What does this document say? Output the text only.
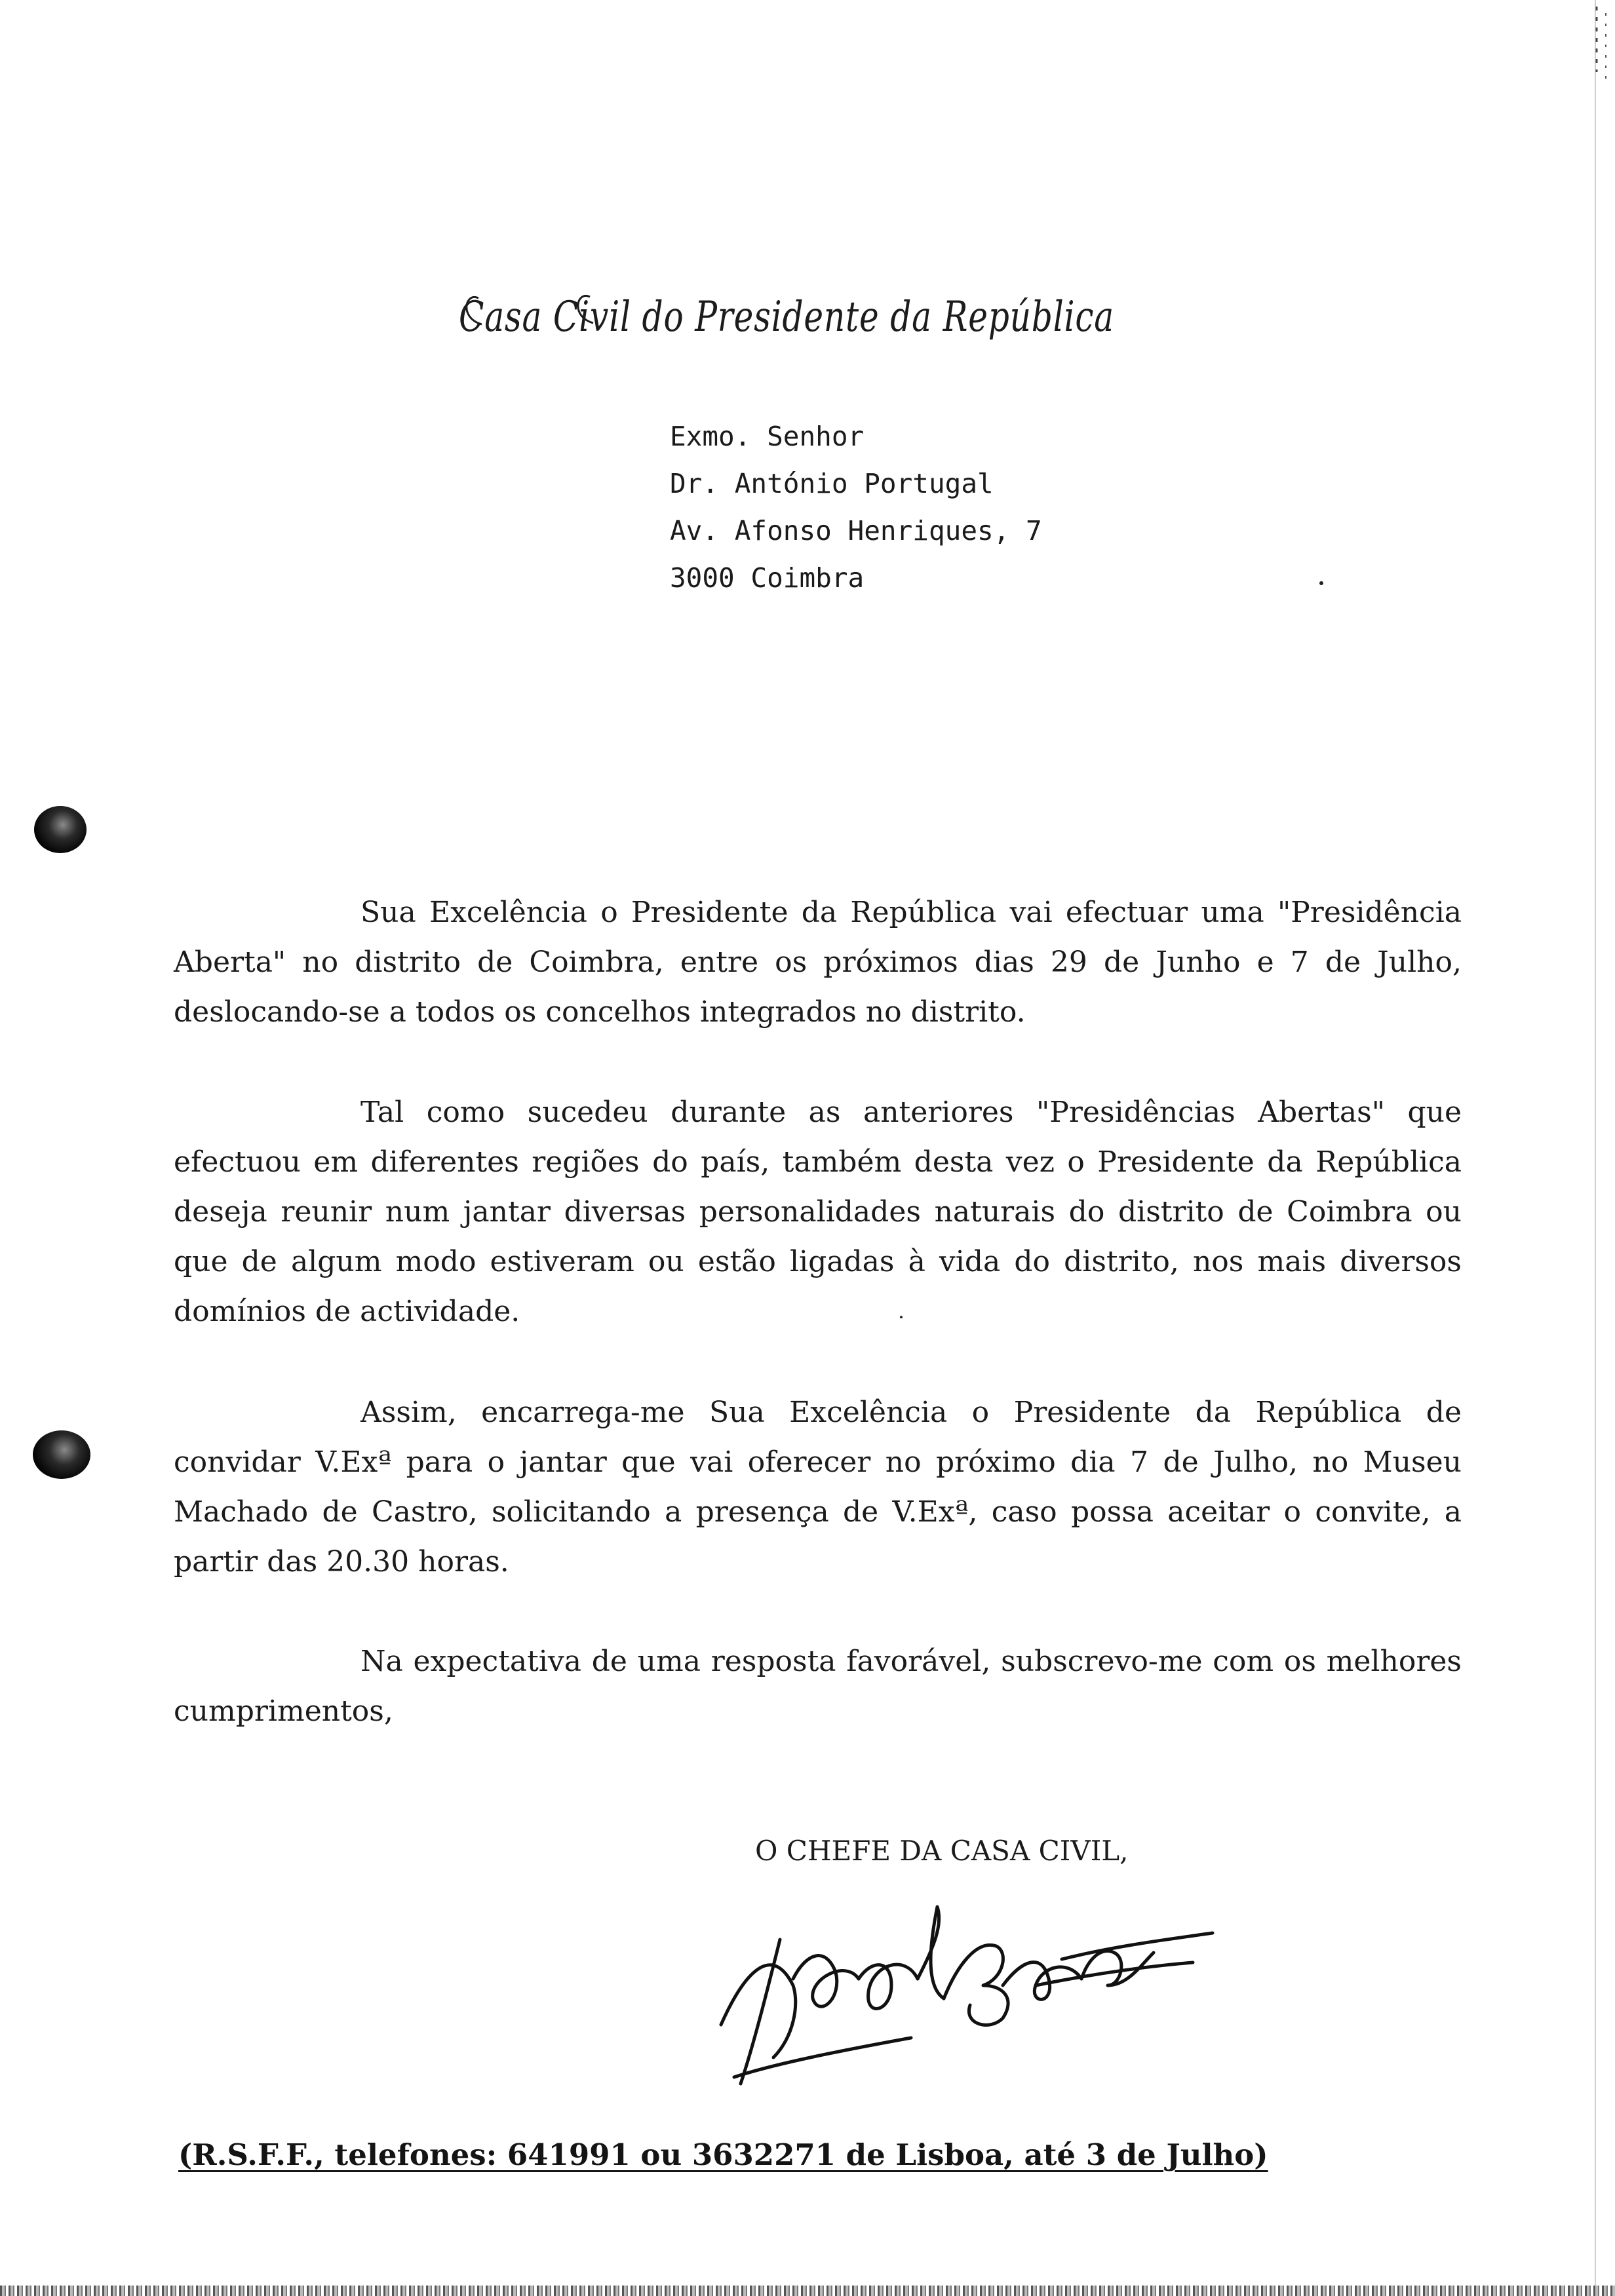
Casa Civil do Presidente da República
Exmo. Senhor
Dr. António Portugal
Av. Afonso Henriques, 7
3000 Coimbra
Sua Excelência o Presidente da República vai efectuar uma "Presidência Aberta" no distrito de Coimbra, entre os próximos dias 29 de Junho e 7 de Julho, deslocando-se a todos os concelhos integrados no distrito.
Tal como sucedeu durante as anteriores "Presidências Abertas" que efectuou em diferentes regiões do país, também desta vez o Presidente da República deseja reunir num jantar diversas personalidades naturais do distrito de Coimbra ou que de algum modo estiveram ou estão ligadas à vida do distrito, nos mais diversos domínios de actividade.
Assim, encarrega-me Sua Excelência o Presidente da República de convidar V.Exª para o jantar que vai oferecer no próximo dia 7 de Julho, no Museu Machado de Castro, solicitando a presença de V.Exª, caso possa aceitar o convite, a partir das 20.30 horas.
Na expectativa de uma resposta favorável, subscrevo-me com os melhores cumprimentos,
O CHEFE DA CASA CIVIL,
(R.S.F.F., telefones: 641991 ou 3632271 de Lisboa, até 3 de Julho)
